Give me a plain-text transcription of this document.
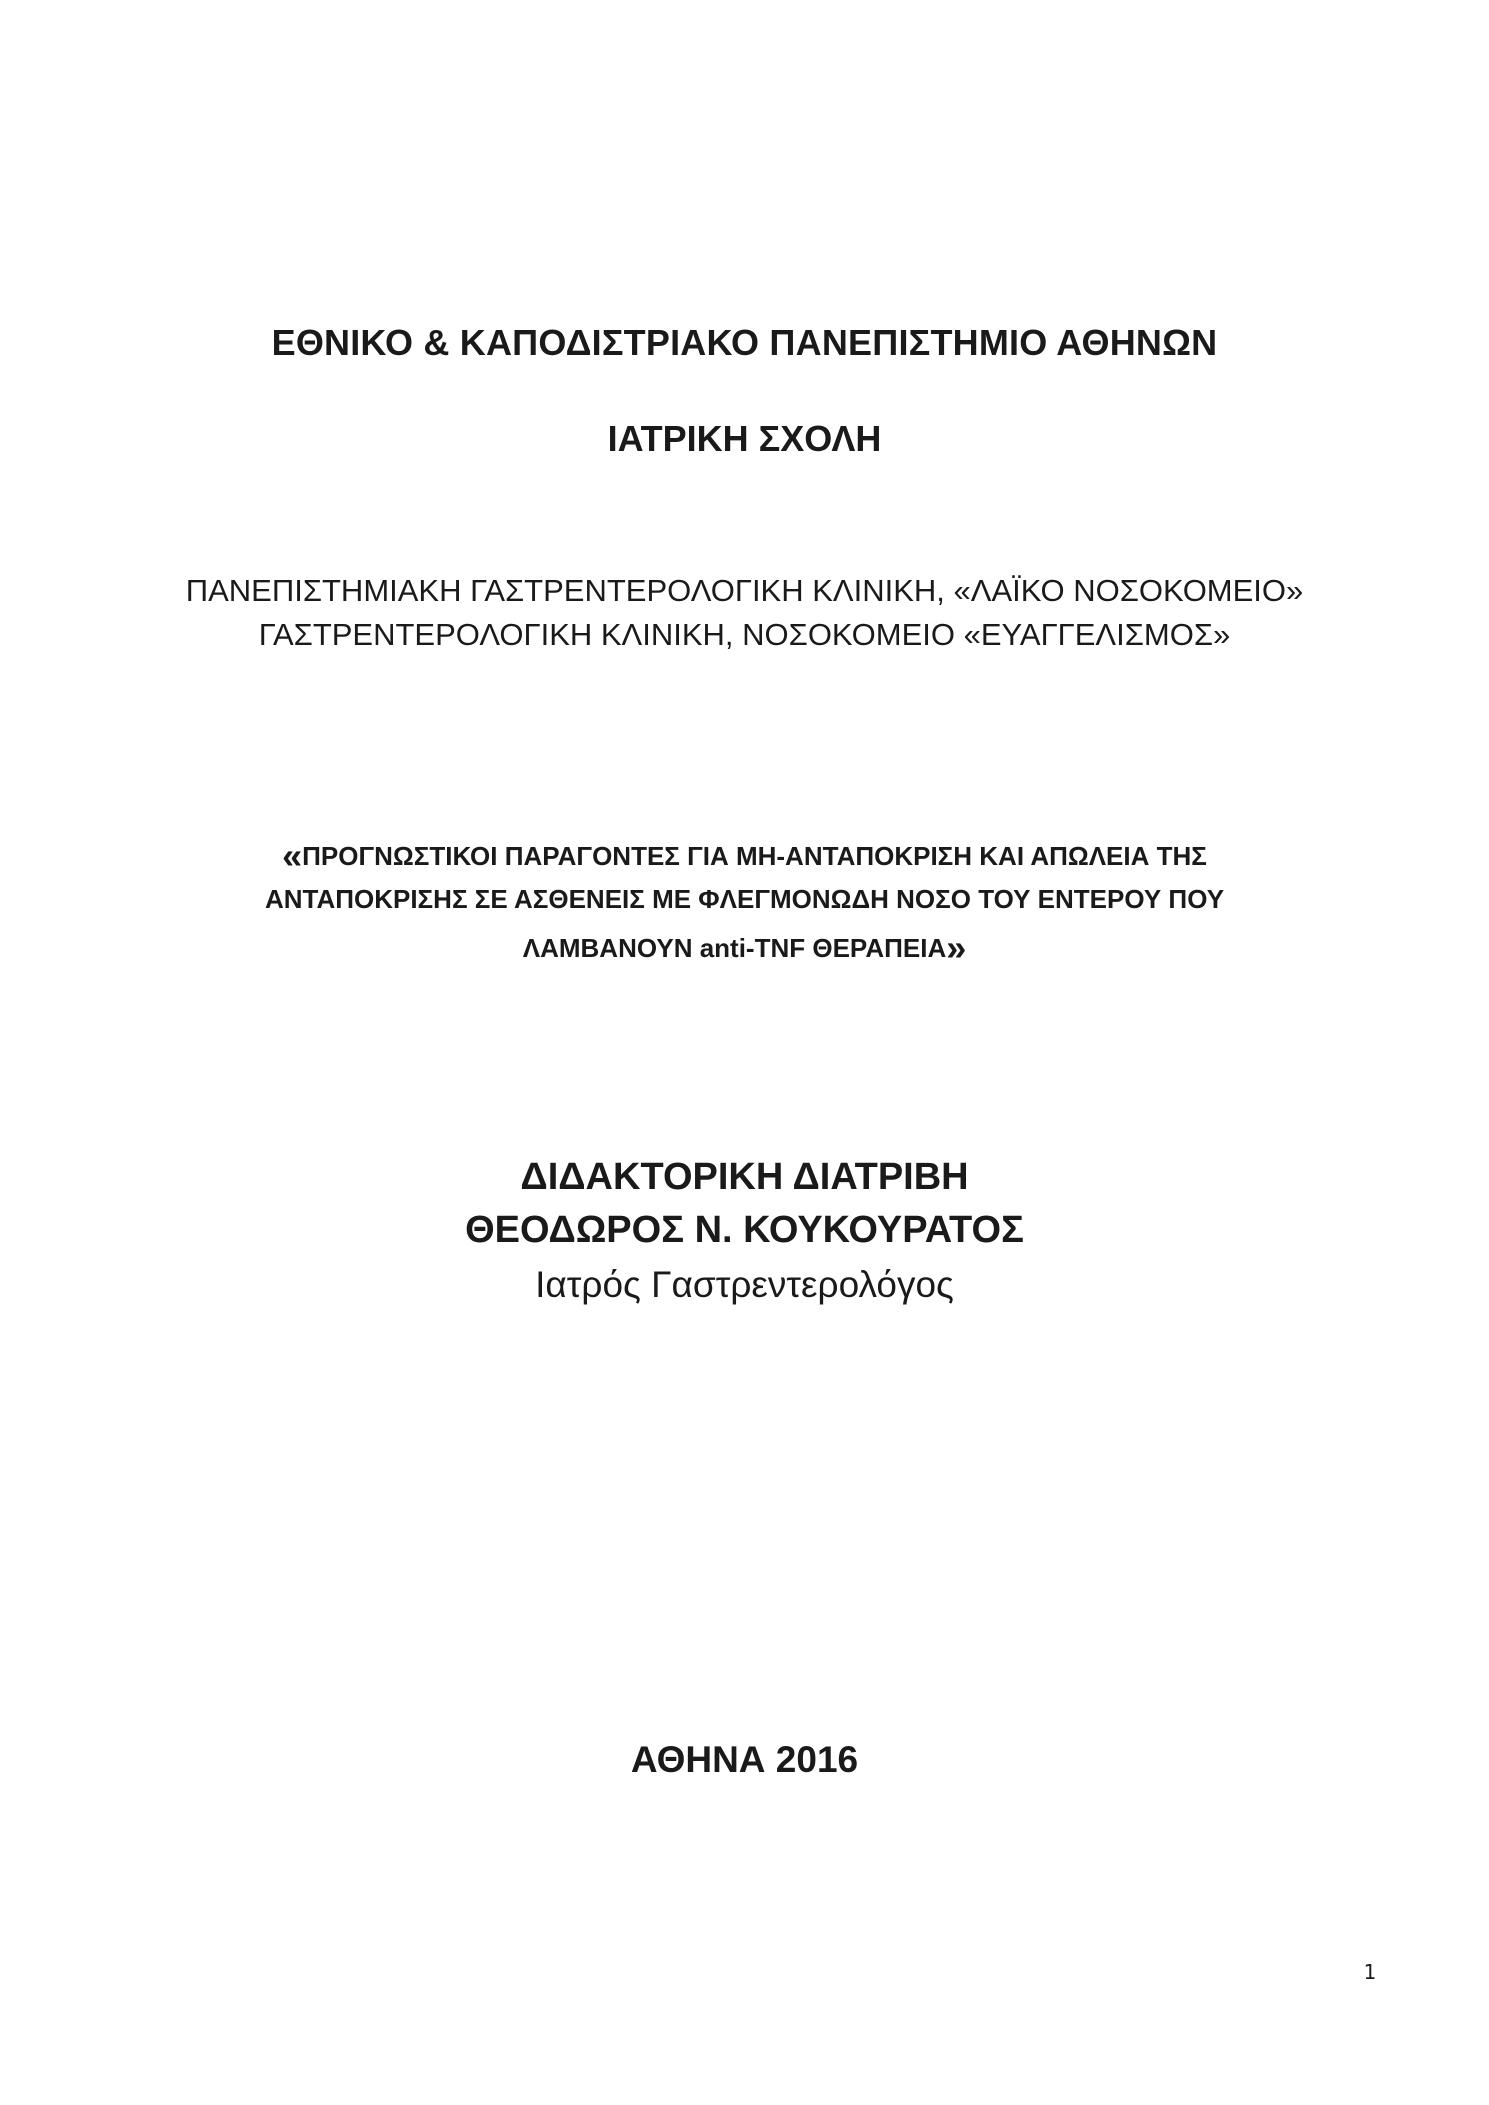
ΕΘΝΙΚΟ & ΚΑΠΟΔΙΣΤΡΙΑΚΟ ΠΑΝΕΠΙΣΤΗΜΙΟ ΑΘΗΝΩΝ
ΙΑΤΡΙΚΗ ΣΧΟΛΗ
ΠΑΝΕΠΙΣΤΗΜΙΑΚΗ ΓΑΣΤΡΕΝΤΕΡΟΛΟΓΙΚΗ ΚΛΙΝΙΚΗ, «ΛΑΪΚΟ ΝΟΣΟΚΟΜΕΙΟ»
ΓΑΣΤΡΕΝΤΕΡΟΛΟΓΙΚΗ ΚΛΙΝΙΚΗ, ΝΟΣΟΚΟΜΕΙΟ «ΕΥΑΓΓΕΛΙΣΜΟΣ»
«ΠΡΟΓΝΩΣΤΙΚΟΙ ΠΑΡΑΓΟΝΤΕΣ ΓΙΑ ΜΗ-ΑΝΤΑΠΟΚΡΙΣΗ ΚΑΙ ΑΠΩΛΕΙΑ ΤΗΣ
ΑΝΤΑΠΟΚΡΙΣΗΣ ΣΕ ΑΣΘΕΝΕΙΣ ΜΕ ΦΛΕΓΜΟΝΩΔΗ ΝΟΣΟ ΤΟΥ ΕΝΤΕΡΟΥ ΠΟΥ
ΛΑΜΒΑΝΟΥΝ anti-TNF ΘΕΡΑΠΕΙΑ»
ΔΙΔΑΚΤΟΡΙΚΗ ΔΙΑΤΡΙΒΗ
ΘΕΟΔΩΡΟΣ Ν. ΚΟΥΚΟΥΡΑΤΟΣ
Ιατρός Γαστρεντερολόγος
ΑΘΗΝΑ 2016
1
